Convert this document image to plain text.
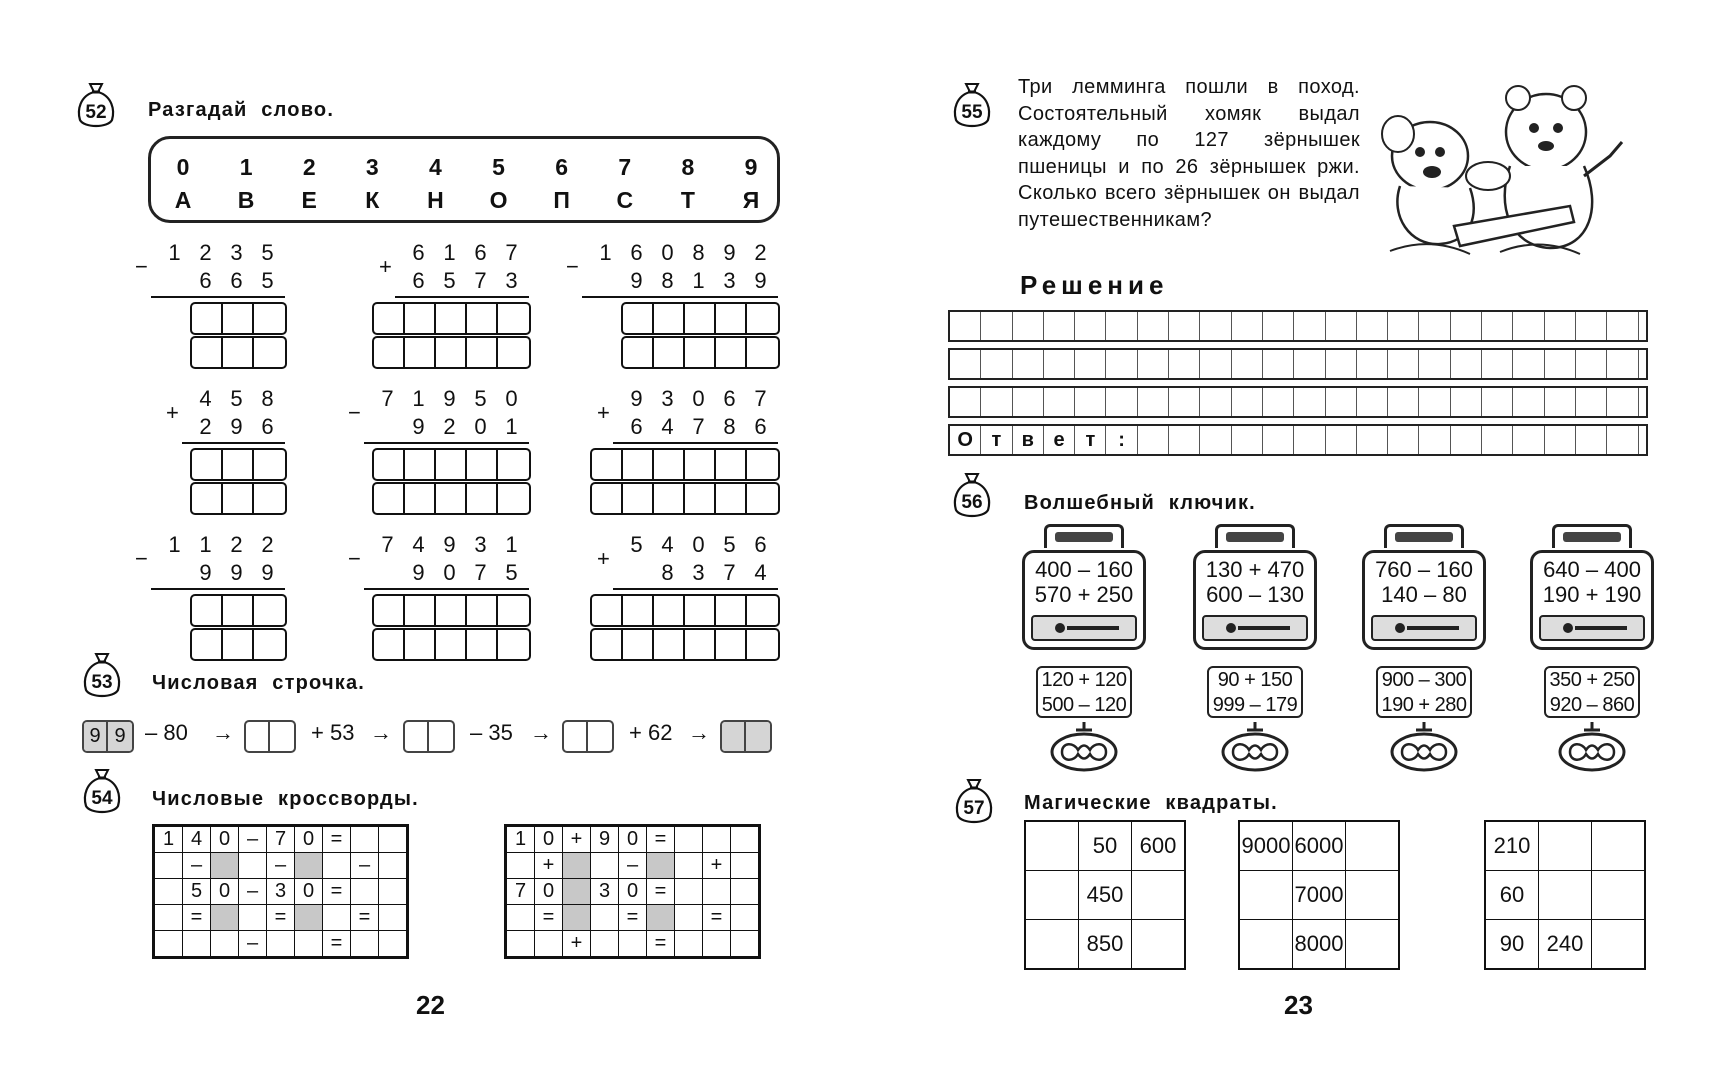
52	Разгадай слово.
0	1	2	3	4	5	6	7	8	9
А	В	Е	К	Н	О	П	С	Т	Я
1 2 3 5
6 6 5
−
6 1 6 7
6 5 7 3
+
1 6 0 8 9 2
9 8 1 3 9
−
4 5 8
2 9 6
+
7 1 9 5 0
9 2 0 1
−
9 3 0 6 7
6 4 7 8 6
+
1 1 2 2
9 9 9
−
7 4 9 3 1
9 0 7 5
−
5 4 0 5 6
8 3 7 4
+
53	Числовая строчка.
9 9 – 80 →	+ 53 →	– 35 →	+ 62 →
54	Числовые кроссворды.
1	4	0	–	7	0	=		
	–			–			–	
	5	0	–	3	0	=		
	=			=			=	
			–			=		
1	0	+	9	0	=			
	+			–			+	
7	0		3	0	=			
	=			=			=	
		+			=			
22
55
Три лемминга пошли в поход. Состоятельный хомяк выдал каждому по 127 зёрнышек пшеницы и по 26 зёрнышек ржи. Сколько всего зёрнышек он выдал путешественникам?
Решение
О т	в е	т	:
56	Волшебный ключик.
400 – 160
570 + 250
120 + 120
500 – 120
130 + 470
600 – 130
90 + 150
999 – 179
760 – 160
140 – 80
900 – 300
190 + 280
640 – 400
190 + 190
350 + 250
920 – 860
57	Магические квадраты.
	50	600
	450	
	850	
9000	6000	
	7000	
	8000	
210		
60		
90	240	
23
